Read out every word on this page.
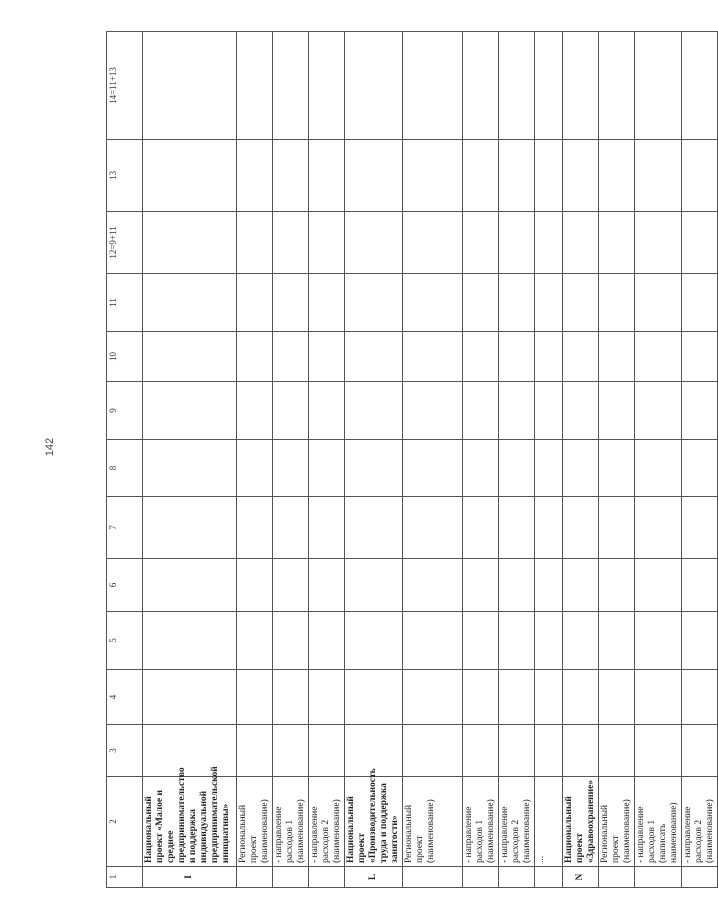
142
1	2	3	4	5	6	7	8	9	10	11	12=9+11	13	14=11+13
I	Национальный проект «Малое и среднее предпринимательство и поддержка индивидуальной предпринимательской инициативы»												
	Региональный проект (наименование)												
	- направление расходов 1 (наименование)												
	- направление расходов 2 (наименование)												
L	Национальный проект «Производительность труда и поддержка занятости»												
	Региональный проект (наименование)												
	- направление расходов 1 (наименование)												
	- направление расходов 2 (наименование)												
	...												
N	Национальный проект «Здравоохранение»												
	Региональный проект (наименование)												
	- направление расходов 1 (написать наименование)												
	- направление расходов 2 (наименование)												
